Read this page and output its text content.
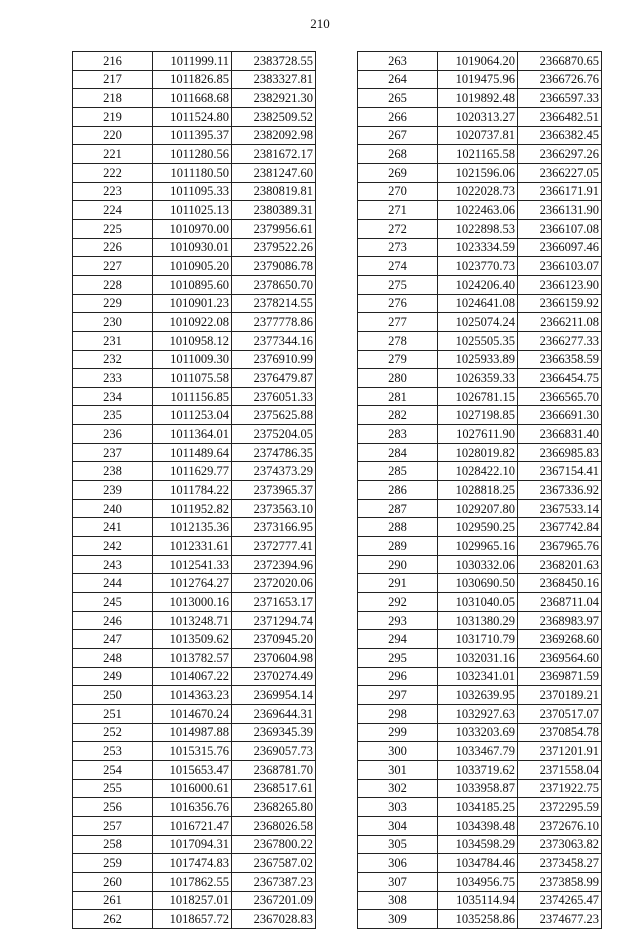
210
216	1011999.11	2383728.55
217	1011826.85	2383327.81
218	1011668.68	2382921.30
219	1011524.80	2382509.52
220	1011395.37	2382092.98
221	1011280.56	2381672.17
222	1011180.50	2381247.60
223	1011095.33	2380819.81
224	1011025.13	2380389.31
225	1010970.00	2379956.61
226	1010930.01	2379522.26
227	1010905.20	2379086.78
228	1010895.60	2378650.70
229	1010901.23	2378214.55
230	1010922.08	2377778.86
231	1010958.12	2377344.16
232	1011009.30	2376910.99
233	1011075.58	2376479.87
234	1011156.85	2376051.33
235	1011253.04	2375625.88
236	1011364.01	2375204.05
237	1011489.64	2374786.35
238	1011629.77	2374373.29
239	1011784.22	2373965.37
240	1011952.82	2373563.10
241	1012135.36	2373166.95
242	1012331.61	2372777.41
243	1012541.33	2372394.96
244	1012764.27	2372020.06
245	1013000.16	2371653.17
246	1013248.71	2371294.74
247	1013509.62	2370945.20
248	1013782.57	2370604.98
249	1014067.22	2370274.49
250	1014363.23	2369954.14
251	1014670.24	2369644.31
252	1014987.88	2369345.39
253	1015315.76	2369057.73
254	1015653.47	2368781.70
255	1016000.61	2368517.61
256	1016356.76	2368265.80
257	1016721.47	2368026.58
258	1017094.31	2367800.22
259	1017474.83	2367587.02
260	1017862.55	2367387.23
261	1018257.01	2367201.09
262	1018657.72	2367028.83
263	1019064.20	2366870.65
264	1019475.96	2366726.76
265	1019892.48	2366597.33
266	1020313.27	2366482.51
267	1020737.81	2366382.45
268	1021165.58	2366297.26
269	1021596.06	2366227.05
270	1022028.73	2366171.91
271	1022463.06	2366131.90
272	1022898.53	2366107.08
273	1023334.59	2366097.46
274	1023770.73	2366103.07
275	1024206.40	2366123.90
276	1024641.08	2366159.92
277	1025074.24	2366211.08
278	1025505.35	2366277.33
279	1025933.89	2366358.59
280	1026359.33	2366454.75
281	1026781.15	2366565.70
282	1027198.85	2366691.30
283	1027611.90	2366831.40
284	1028019.82	2366985.83
285	1028422.10	2367154.41
286	1028818.25	2367336.92
287	1029207.80	2367533.14
288	1029590.25	2367742.84
289	1029965.16	2367965.76
290	1030332.06	2368201.63
291	1030690.50	2368450.16
292	1031040.05	2368711.04
293	1031380.29	2368983.97
294	1031710.79	2369268.60
295	1032031.16	2369564.60
296	1032341.01	2369871.59
297	1032639.95	2370189.21
298	1032927.63	2370517.07
299	1033203.69	2370854.78
300	1033467.79	2371201.91
301	1033719.62	2371558.04
302	1033958.87	2371922.75
303	1034185.25	2372295.59
304	1034398.48	2372676.10
305	1034598.29	2373063.82
306	1034784.46	2373458.27
307	1034956.75	2373858.99
308	1035114.94	2374265.47
309	1035258.86	2374677.23
